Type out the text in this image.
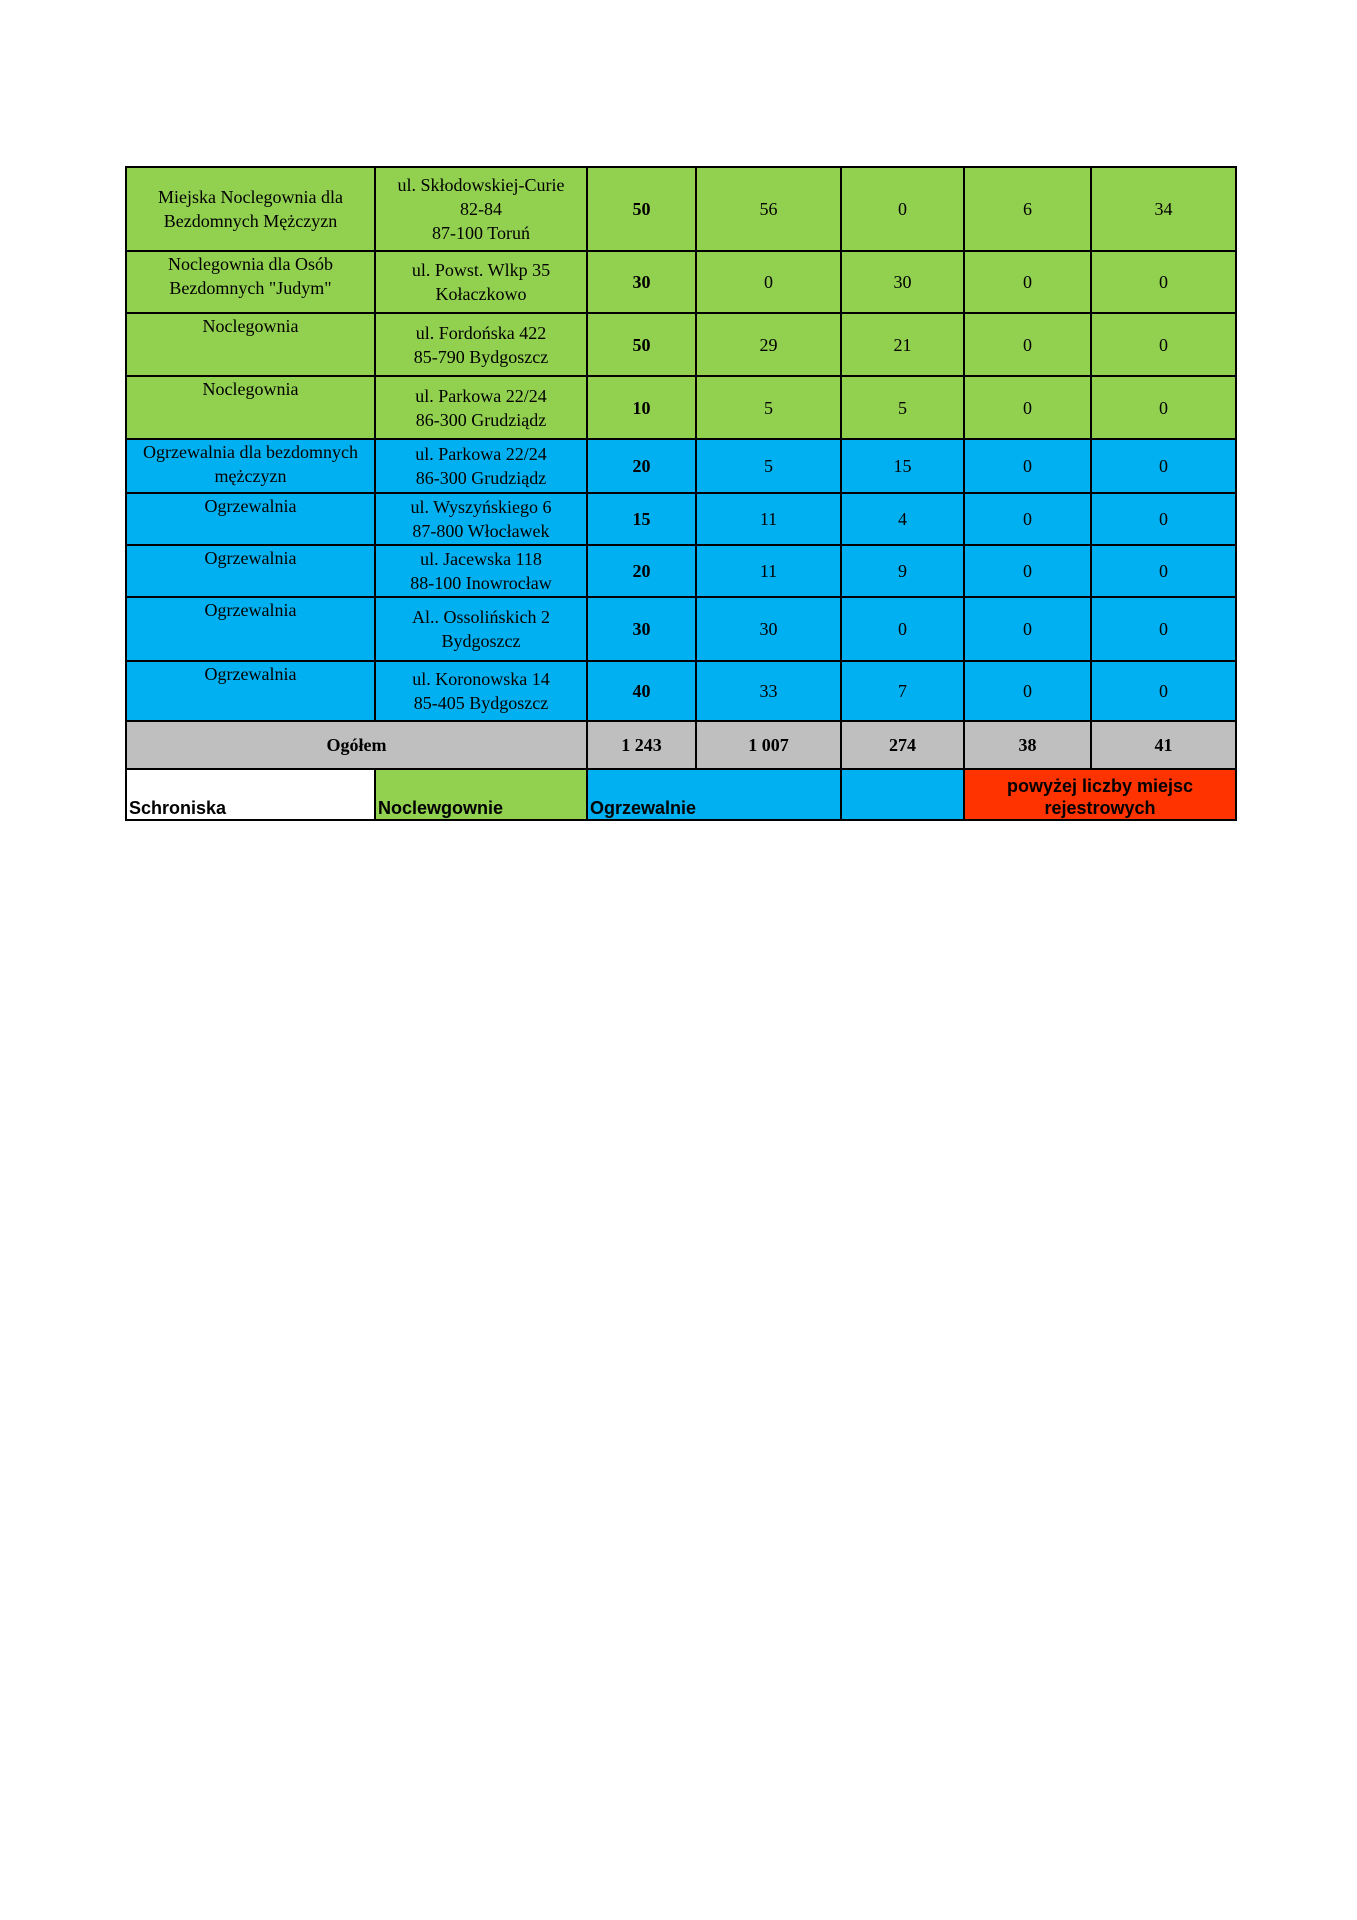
Miejska Noclegownia dla
Bezdomnych Mężczyzn	ul. Skłodowskiej-Curie
82-84
87-100 Toruń	50	56	0	6	34

Noclegownia dla Osób
Bezdomnych "Judym"	ul. Powst. Wlkp 35
Kołaczkowo	30	0	30	0	0

Noclegownia	ul. Fordońska 422
85-790 Bydgoszcz	50	29	21	0	0

Noclegownia	ul. Parkowa 22/24
86-300 Grudziądz	10	5	5	0	0

Ogrzewalnia dla bezdomnych
mężczyzn	ul. Parkowa 22/24
86-300 Grudziądz	20	5	15	0	0

Ogrzewalnia	ul. Wyszyńskiego 6
87-800 Włocławek	15	11	4	0	0

Ogrzewalnia	ul. Jacewska 118
88-100 Inowrocław	20	11	9	0	0

Ogrzewalnia	Al.. Ossolińskich 2
Bydgoszcz	30	30	0	0	0

Ogrzewalnia	ul. Koronowska 14
85-405 Bydgoszcz	40	33	7	0	0
Ogółem		1 243	1 007	274	38	41
Schroniska	Noclewgownie	Ogrzewalnie			powyżej liczby miejsc
rejestrowych	
